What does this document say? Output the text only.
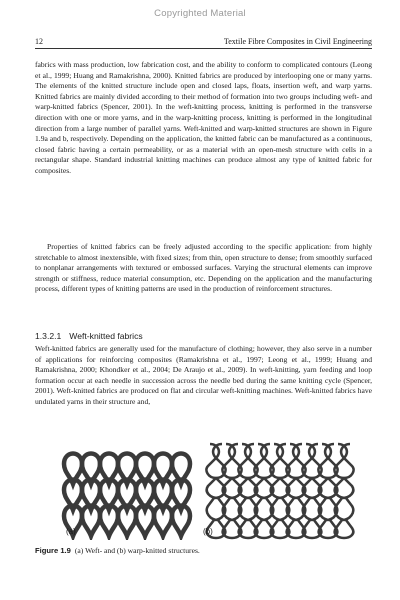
Copyrighted Material
12	Textile Fibre Composites in Civil Engineering

fabrics with mass production, low fabrication cost, and the ability to conform to complicated contours (Leong et al., 1999; Huang and Ramakrishna, 2000). Knitted fabrics are produced by interlooping one or many yarns. The elements of the knitted structure include open and closed laps, floats, insertion weft, and warp yarns. Knitted fabrics are mainly divided according to their method of formation into two groups including weft- and warp-knitted fabrics (Spencer, 2001). In the weft-knitting process, knitting is performed in the transverse direction with one or more yarns, and in the warp-knitting process, knitting is performed in the longitudinal direction from a large number of parallel yarns. Weft-knitted and warp-knitted structures are shown in Figure 1.9a and b, respectively. Depending on the application, the knitted fabric can be manufactured as a continuous, closed fabric having a certain permeability, or as a material with an open-mesh structure with cells in a rectangular shape. Standard industrial knitting machines can produce almost any type of knitted fabric for composites.

Properties of knitted fabrics can be freely adjusted according to the specific application: from highly stretchable to almost inextensible, with fixed sizes; from thin, open structure to dense; from smoothly surfaced to nonplanar arrangements with textured or embossed surfaces. Varying the structural elements can improve strength or stiffness, reduce material consumption, etc. Depending on the application and the manufacturing process, different types of knitting patterns are used in the production of reinforcement structures.

1.3.2.1 Weft-knitted fabrics

Weft-knitted fabrics are generally used for the manufacture of clothing; however, they also serve in a number of applications for reinforcing composites (Ramakrishna et al., 1997; Leong et al., 1999; Huang and Ramakrishna, 2000; Khondker et al., 2004; De Araujo et al., 2009). In weft-knitting, yarn feeding and loop formation occur at each needle in succession across the needle bed during the same knitting cycle (Spencer, 2001). Weft-knitted fabrics are produced on flat and circular weft-knitting machines. Weft-knitted fabrics have undulated yarns in their structure and,

(a)	(b)
Figure 1.9 (a) Weft- and (b) warp-knitted structures.
